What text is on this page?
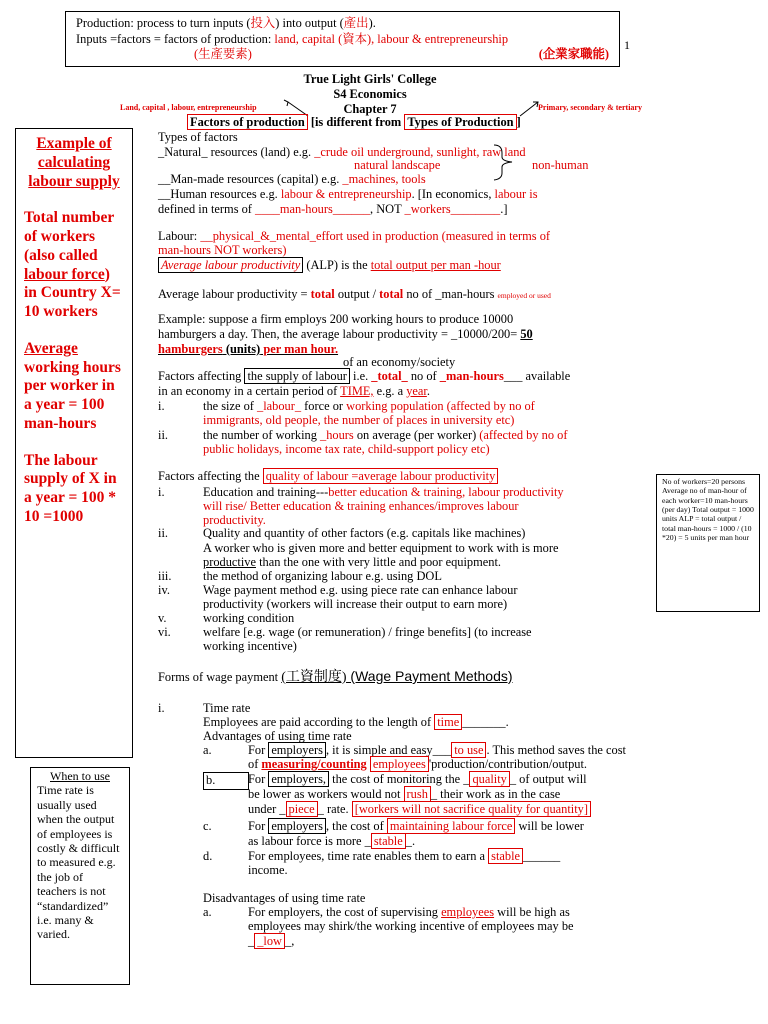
Production: process to turn inputs (投入) into output (產出).
Inputs =factors = factors of production: land, capital (資本), labour & entrepreneurship
(生產要素)	(企業家職能)
1
True Light Girls' College
S4 Economics
Chapter 7
Land, capital , labour, entrepreneurship	Primary, secondary & tertiary
Factors of production [is different from Types of Production ]

Example of calculating labour supply

Total number of workers (also called labour force) in Country X= 10 workers

Average working hours per worker in a year = 100 man-hours

The labour supply of X in a year = 100 * 10 =1000

When to use
Time rate is usually used when the output of employees is costly & difficult to measured e.g. the job of teachers is not “standardized” i.e. many & varied.
No of workers=20 persons Average no of man-hour of each worker=10 man-hours (per day) Total output = 1000 units ALP = total output / total man-hours = 1000 / (10 *20) = 5 units per man hour
Types of factors
_Natural_ resources (land) e.g. _crude oil underground, sunlight, raw land
natural landscape	non-human
__Man-made resources (capital) e.g. _machines, tools
__Human resources e.g. labour & entrepreneurship. [In economics, labour is
defined in terms of ____man-hours______, NOT _workers________.]
Labour: __physical_&_mental_effort used in production (measured in terms of
man-hours NOT workers)
Average labour productivity (ALP) is the total output per man -hour
Average labour productivity = total output / total no of _man-hours employed or used
Example: suppose a firm employs 200 working hours to produce 10000
hamburgers a day. Then, the average labour productivity = _10000/200= 50
hamburgers (units) per man hour.
of an economy/society
Factors affecting the supply of labour i.e. _total_ no of _man-hours___ available
in an economy in a certain period of TIME, e.g. a year.
i.	the size of _labour_ force or working population (affected by no of
immigrants, old people, the number of places in university etc)
ii.	the number of working _hours on average (per worker) (affected by no of
public holidays, income tax rate, child-support policy etc)
Factors affecting the quality of labour =average labour productivity
i.	Education and training---better education & training, labour productivity
will rise/ Better education & training enhances/improves labour
productivity.
ii.	Quality and quantity of other factors (e.g. capitals like machines)
A worker who is given more and better equipment to work with is more
productive than the one with very little and poor equipment.
iii.	the method of organizing labour e.g. using DOL
iv.	Wage payment method e.g. using piece rate can enhance labour
productivity (workers will increase their output to earn more)
v.	working condition
vi.	welfare [e.g. wage (or remuneration) / fringe benefits] (to increase
working incentive)
Forms of wage payment (工資制度) (Wage Payment Methods)
i.	Time rate
Employees are paid according to the length of time _______.
Advantages of using time rate
a.	For employers , it is simple and easy___ to use . This method saves the cost
of measuring/counting employees 'production/contribution/output.
b.	For employers, the cost of monitoring the _ quality _ of output will
be lower as workers would not rush _ their work as in the case
under _ piece _ rate. [workers will not sacrifice quality for quantity]
c.	For employers , the cost of maintaining labour force will be lower
as labour force is more _ stable _.
d.	For employees, time rate enables them to earn a stable ______
income.
Disadvantages of using time rate
a.	For employers, the cost of supervising employees will be high as
employees may shirk/the working incentive of employees may be
_ _low _,
